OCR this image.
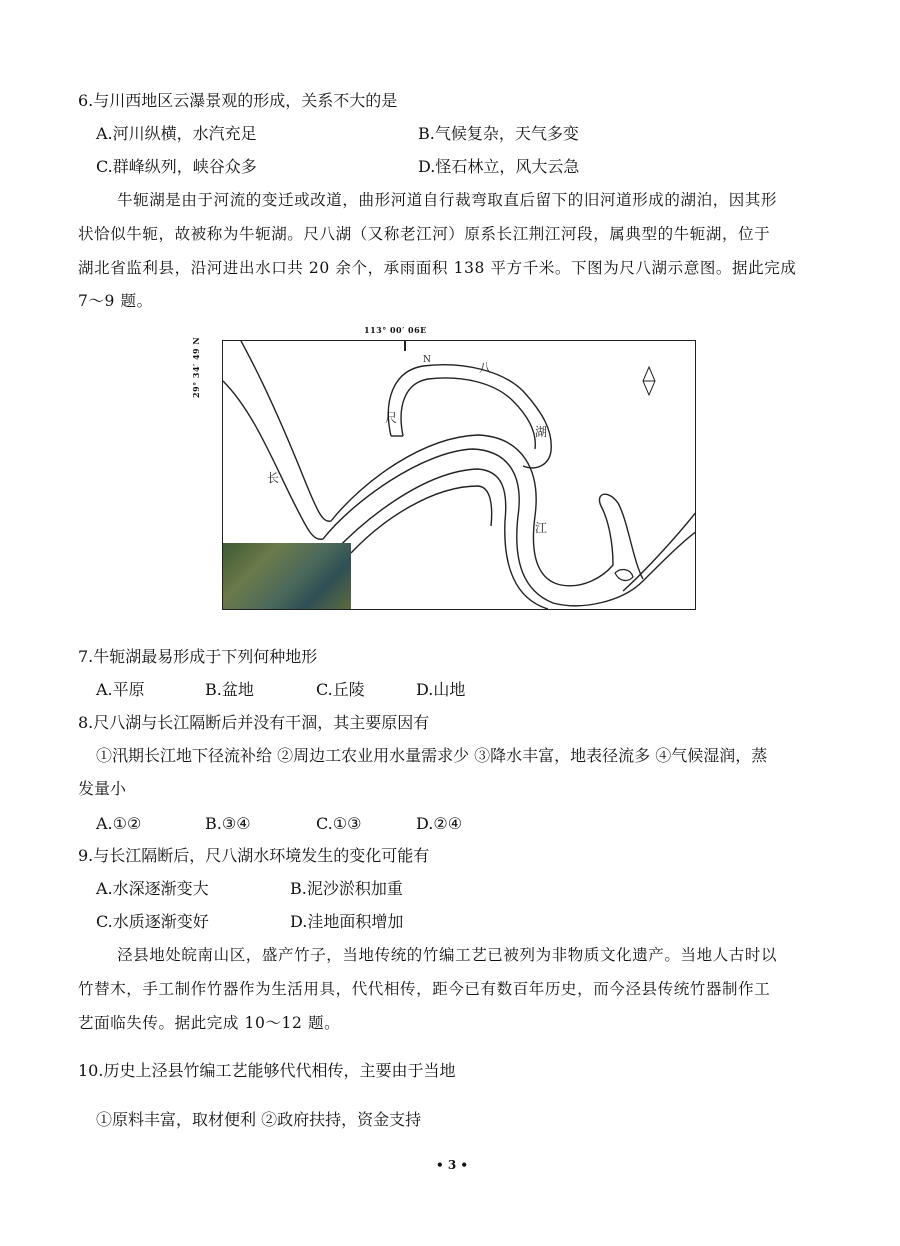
6.与川西地区云瀑景观的形成，关系不大的是
A.河川纵横，水汽充足	B.气候复杂，天气多变
C.群峰纵列，峡谷众多	D.怪石林立，风大云急
牛轭湖是由于河流的变迁或改道，曲形河道自行裁弯取直后留下的旧河道形成的湖泊，因其形
状恰似牛轭，故被称为牛轭湖。尺八湖（又称老江河）原系长江荆江河段，属典型的牛轭湖，位于
湖北省监利县，沿河进出水口共 20 余个，承雨面积 138 平方千米。下图为尺八湖示意图。据此完成
7～9 题。
113° 00′ 06E
29° 34′ 49 N	N
长
江
尺
八
湖
7.牛轭湖最易形成于下列何种地形
A.平原	B.盆地	C.丘陵	D.山地
8.尺八湖与长江隔断后并没有干涸，其主要原因有
①汛期长江地下径流补给 ②周边工农业用水量需求少 ③降水丰富，地表径流多 ④气候湿润，蒸
发量小
A.①②	B.③④	C.①③	D.②④
9.与长江隔断后，尺八湖水环境发生的变化可能有
A.水深逐渐变大	B.泥沙淤积加重
C.水质逐渐变好	D.洼地面积增加
泾县地处皖南山区，盛产竹子，当地传统的竹编工艺已被列为非物质文化遗产。当地人古时以
竹替木，手工制作竹器作为生活用具，代代相传，距今已有数百年历史，而今泾县传统竹器制作工
艺面临失传。据此完成 10～12 题。
10.历史上泾县竹编工艺能够代代相传，主要由于当地
①原料丰富，取材便利 ②政府扶持，资金支持
• 3 •
